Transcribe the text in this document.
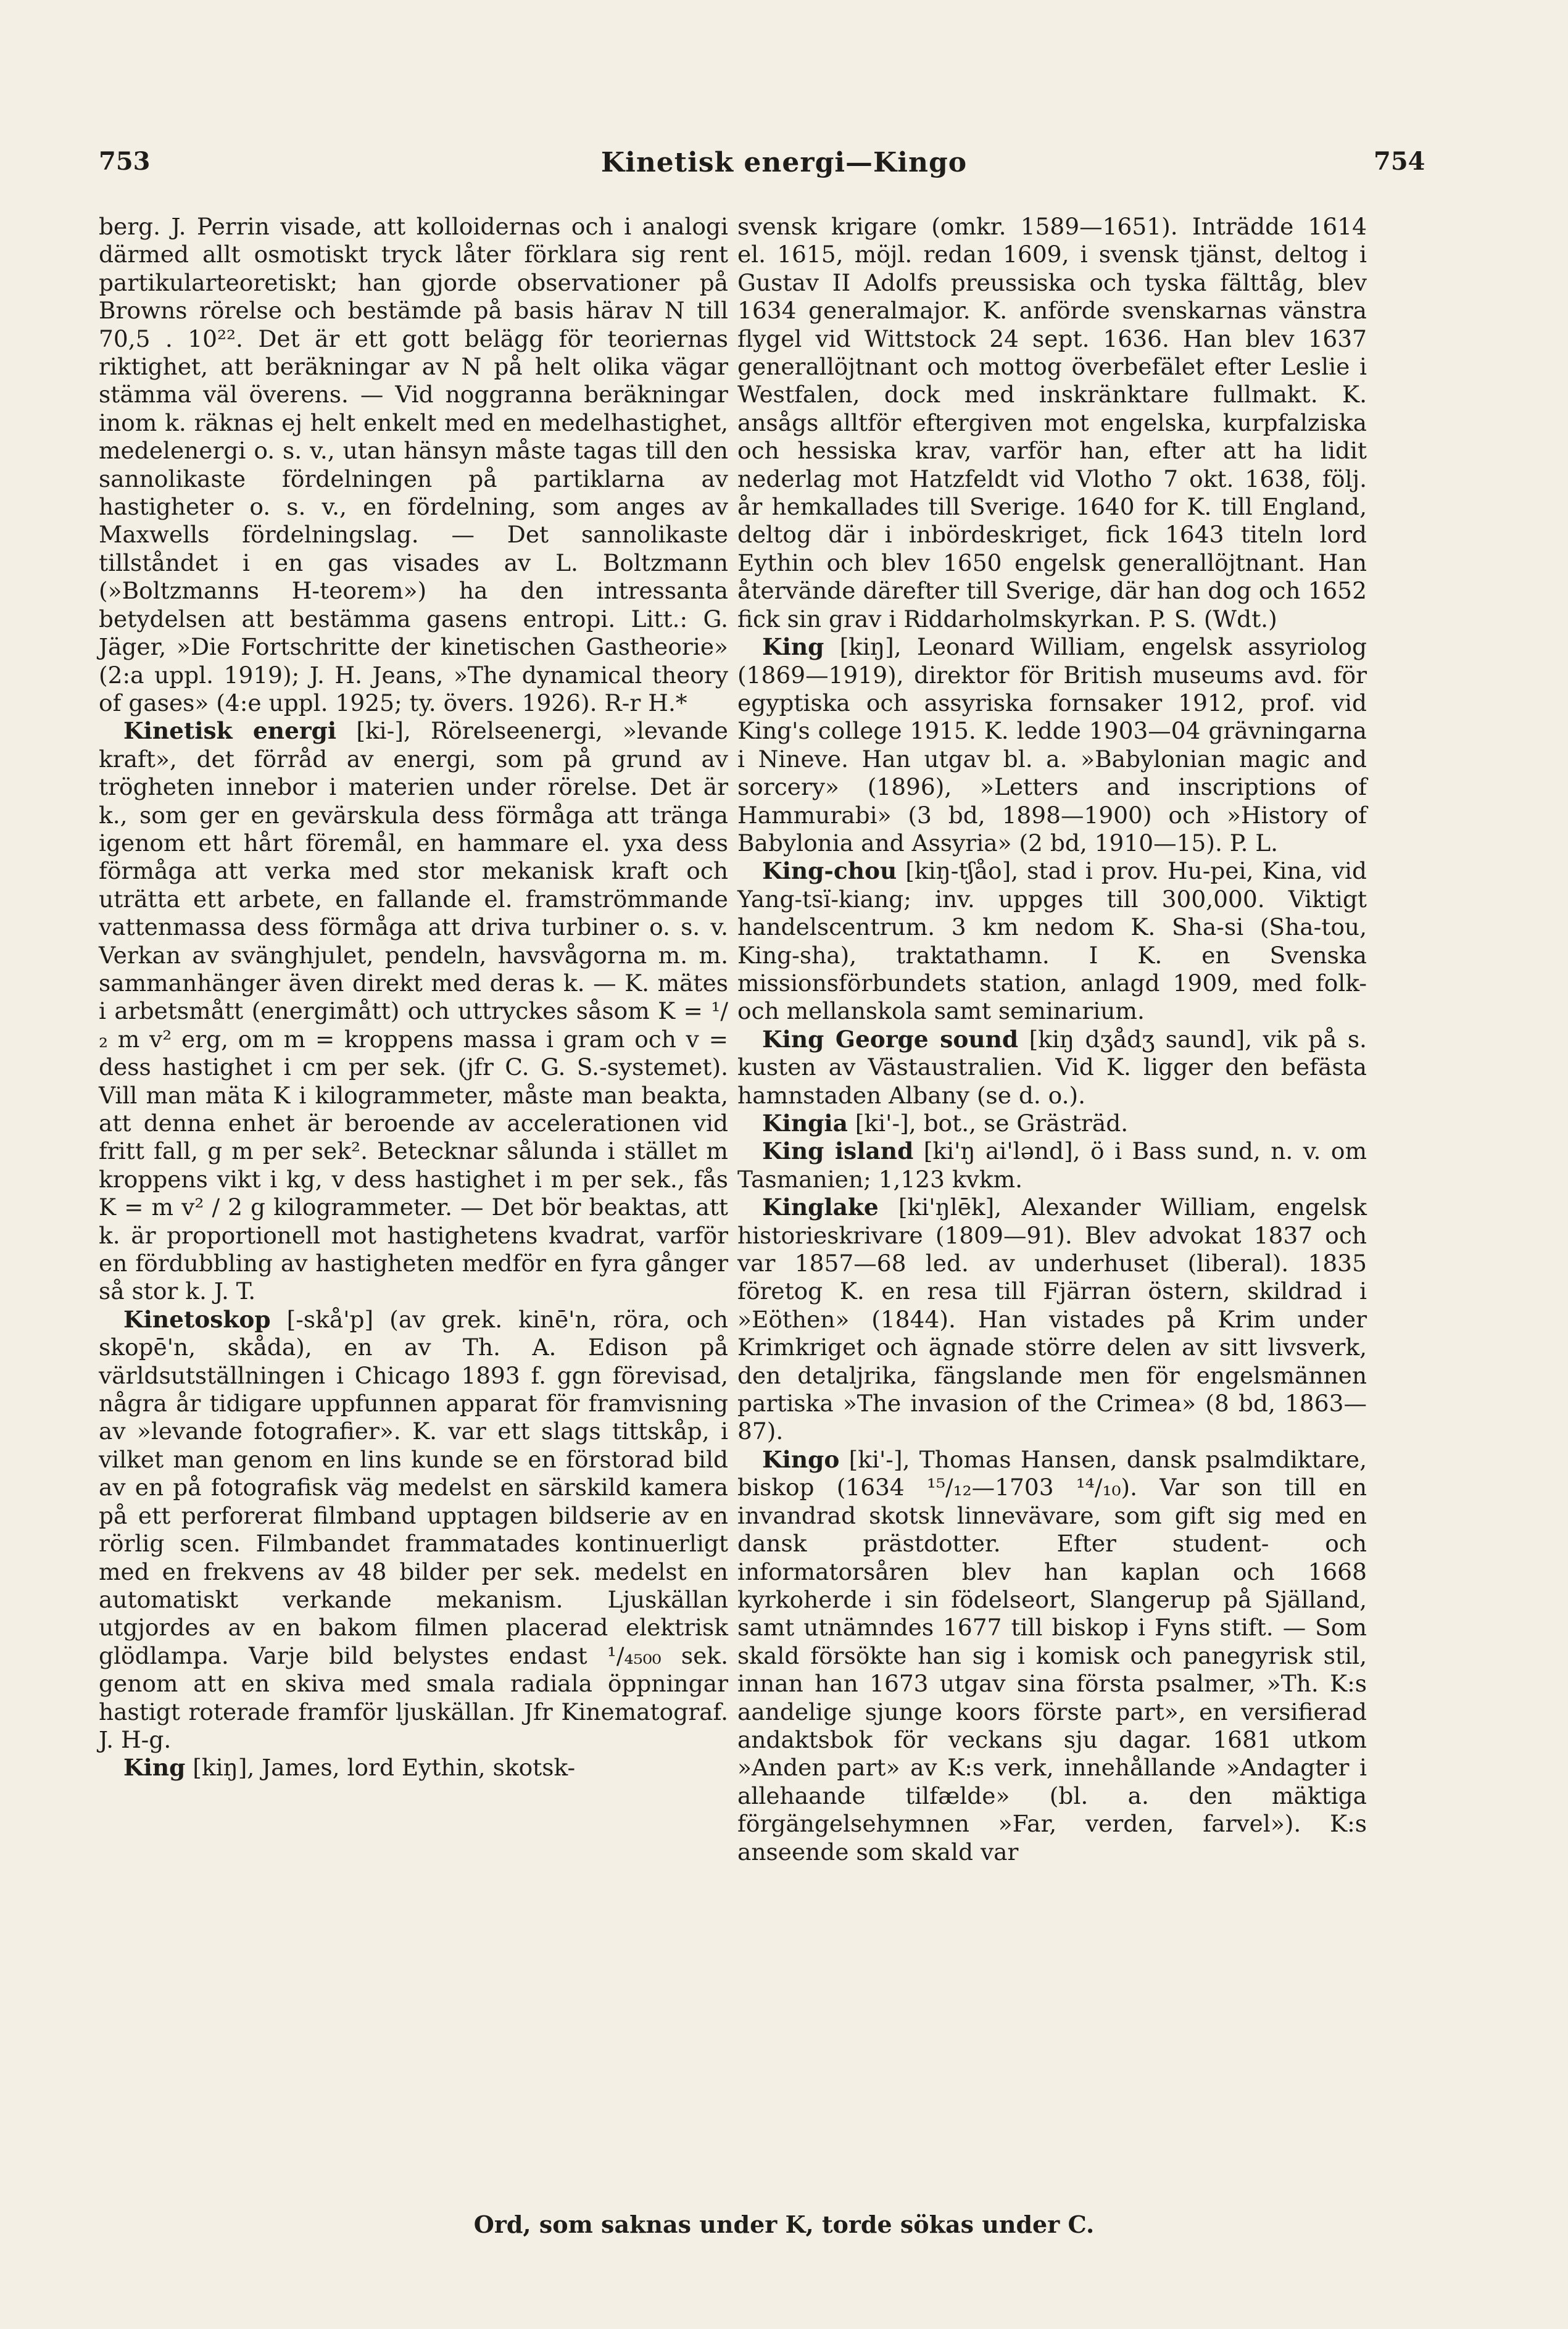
753	Kinetisk energi—Kingo	754

berg. J. Perrin visade, att kolloidernas och i analogi därmed allt osmotiskt tryck låter förklara sig rent partikularteoretiskt; han gjorde observationer på Browns rörelse och bestämde på basis härav N till 70,5 . 10²². Det är ett gott belägg för teoriernas riktighet, att beräkningar av N på helt olika vägar stämma väl överens. — Vid noggranna beräkningar inom k. räknas ej helt enkelt med en medelhastighet, medelenergi o. s. v., utan hänsyn måste tagas till den sannolikaste fördelningen på partiklarna av hastigheter o. s. v., en fördelning, som anges av Maxwells fördelningslag. — Det sannolikaste tillståndet i en gas visades av L. Boltzmann (»Boltzmanns H-teorem») ha den intressanta betydelsen att bestämma gasens entropi. Litt.: G. Jäger, »Die Fortschritte der kinetischen Gastheorie» (2:a uppl. 1919); J. H. Jeans, »The dynamical theory of gases» (4:e uppl. 1925; ty. övers. 1926). R-r H.*

Kinetisk energi [ki-], Rörelseenergi, »levande kraft», det förråd av energi, som på grund av trögheten innebor i materien under rörelse. Det är k., som ger en gevärskula dess förmåga att tränga igenom ett hårt föremål, en hammare el. yxa dess förmåga att verka med stor mekanisk kraft och uträtta ett arbete, en fallande el. framströmmande vattenmassa dess förmåga att driva turbiner o. s. v. Verkan av svänghjulet, pendeln, havsvågorna m. m. sammanhänger även direkt med deras k. — K. mätes i arbetsmått (energimått) och uttryckes såsom K = ¹/₂ m v² erg, om m = kroppens massa i gram och v = dess hastighet i cm per sek. (jfr C. G. S.-systemet). Vill man mäta K i kilogrammeter, måste man beakta, att denna enhet är beroende av accelerationen vid fritt fall, g m per sek². Betecknar sålunda i stället m kroppens vikt i kg, v dess hastighet i m per sek., fås K = m v² / 2 g kilogrammeter. — Det bör beaktas, att k. är proportionell mot hastighetens kvadrat, varför en fördubbling av hastigheten medför en fyra gånger så stor k. J. T.

Kinetoskop [-skå'p] (av grek. kinē'n, röra, och skopē'n, skåda), en av Th. A. Edison på världsutställningen i Chicago 1893 f. ggn förevisad, några år tidigare uppfunnen apparat för framvisning av »levande fotografier». K. var ett slags tittskåp, i vilket man genom en lins kunde se en förstorad bild av en på fotografisk väg medelst en särskild kamera på ett perforerat filmband upptagen bildserie av en rörlig scen. Filmbandet frammatades kontinuerligt med en frekvens av 48 bilder per sek. medelst en automatiskt verkande mekanism. Ljuskällan utgjordes av en bakom filmen placerad elektrisk glödlampa. Varje bild belystes endast ¹/₄₅₀₀ sek. genom att en skiva med smala radiala öppningar hastigt roterade framför ljuskällan. Jfr Kinematograf. J. H-g.

King [kiŋ], James, lord Eythin, skotsk-

svensk krigare (omkr. 1589—1651). Inträdde 1614 el. 1615, möjl. redan 1609, i svensk tjänst, deltog i Gustav II Adolfs preussiska och tyska fälttåg, blev 1634 generalmajor. K. anförde svenskarnas vänstra flygel vid Wittstock 24 sept. 1636. Han blev 1637 generallöjtnant och mottog överbefälet efter Leslie i Westfalen, dock med inskränktare fullmakt. K. ansågs alltför eftergiven mot engelska, kurpfalziska och hessiska krav, varför han, efter att ha lidit nederlag mot Hatzfeldt vid Vlotho 7 okt. 1638, följ. år hemkallades till Sverige. 1640 for K. till England, deltog där i inbördeskriget, fick 1643 titeln lord Eythin och blev 1650 engelsk generallöjtnant. Han återvände därefter till Sverige, där han dog och 1652 fick sin grav i Riddarholmskyrkan. P. S. (Wdt.)

King [kiŋ], Leonard William, engelsk assyriolog (1869—1919), direktor för British museums avd. för egyptiska och assyriska fornsaker 1912, prof. vid King's college 1915. K. ledde 1903—04 grävningarna i Nineve. Han utgav bl. a. »Babylonian magic and sorcery» (1896), »Letters and inscriptions of Hammurabi» (3 bd, 1898—1900) och »History of Babylonia and Assyria» (2 bd, 1910—15). P. L.

King-chou [kiŋ-tʃåo], stad i prov. Hu-pei, Kina, vid Yang-tsï-kiang; inv. uppges till 300,000. Viktigt handelscentrum. 3 km nedom K. Sha-si (Sha-tou, King-sha), traktathamn. I K. en Svenska missionsförbundets station, anlagd 1909, med folk- och mellanskola samt seminarium.

King George sound [kiŋ dʒådʒ saund], vik på s. kusten av Västaustralien. Vid K. ligger den befästa hamnstaden Albany (se d. o.).

Kingia [ki'-], bot., se Grästräd.

King island [ki'ŋ ai'lənd], ö i Bass sund, n. v. om Tasmanien; 1,123 kvkm.

Kinglake [ki'ŋlēk], Alexander William, engelsk historieskrivare (1809—91). Blev advokat 1837 och var 1857—68 led. av underhuset (liberal). 1835 företog K. en resa till Fjärran östern, skildrad i »Eöthen» (1844). Han vistades på Krim under Krimkriget och ägnade större delen av sitt livsverk, den detaljrika, fängslande men för engelsmännen partiska »The invasion of the Crimea» (8 bd, 1863—87).

Kingo [ki'-], Thomas Hansen, dansk psalmdiktare, biskop (1634 ¹⁵/₁₂—1703 ¹⁴/₁₀). Var son till en invandrad skotsk linnevävare, som gift sig med en dansk prästdotter. Efter student- och informatorsåren blev han kaplan och 1668 kyrkoherde i sin födelseort, Slangerup på Själland, samt utnämndes 1677 till biskop i Fyns stift. — Som skald försökte han sig i komisk och panegyrisk stil, innan han 1673 utgav sina första psalmer, »Th. K:s aandelige sjunge koors förste part», en versifierad andaktsbok för veckans sju dagar. 1681 utkom »Anden part» av K:s verk, innehållande »Andagter i allehaande tilfælde» (bl. a. den mäktiga förgängelsehymnen »Far, verden, farvel»). K:s anseende som skald var

Ord, som saknas under K, torde sökas under C.
